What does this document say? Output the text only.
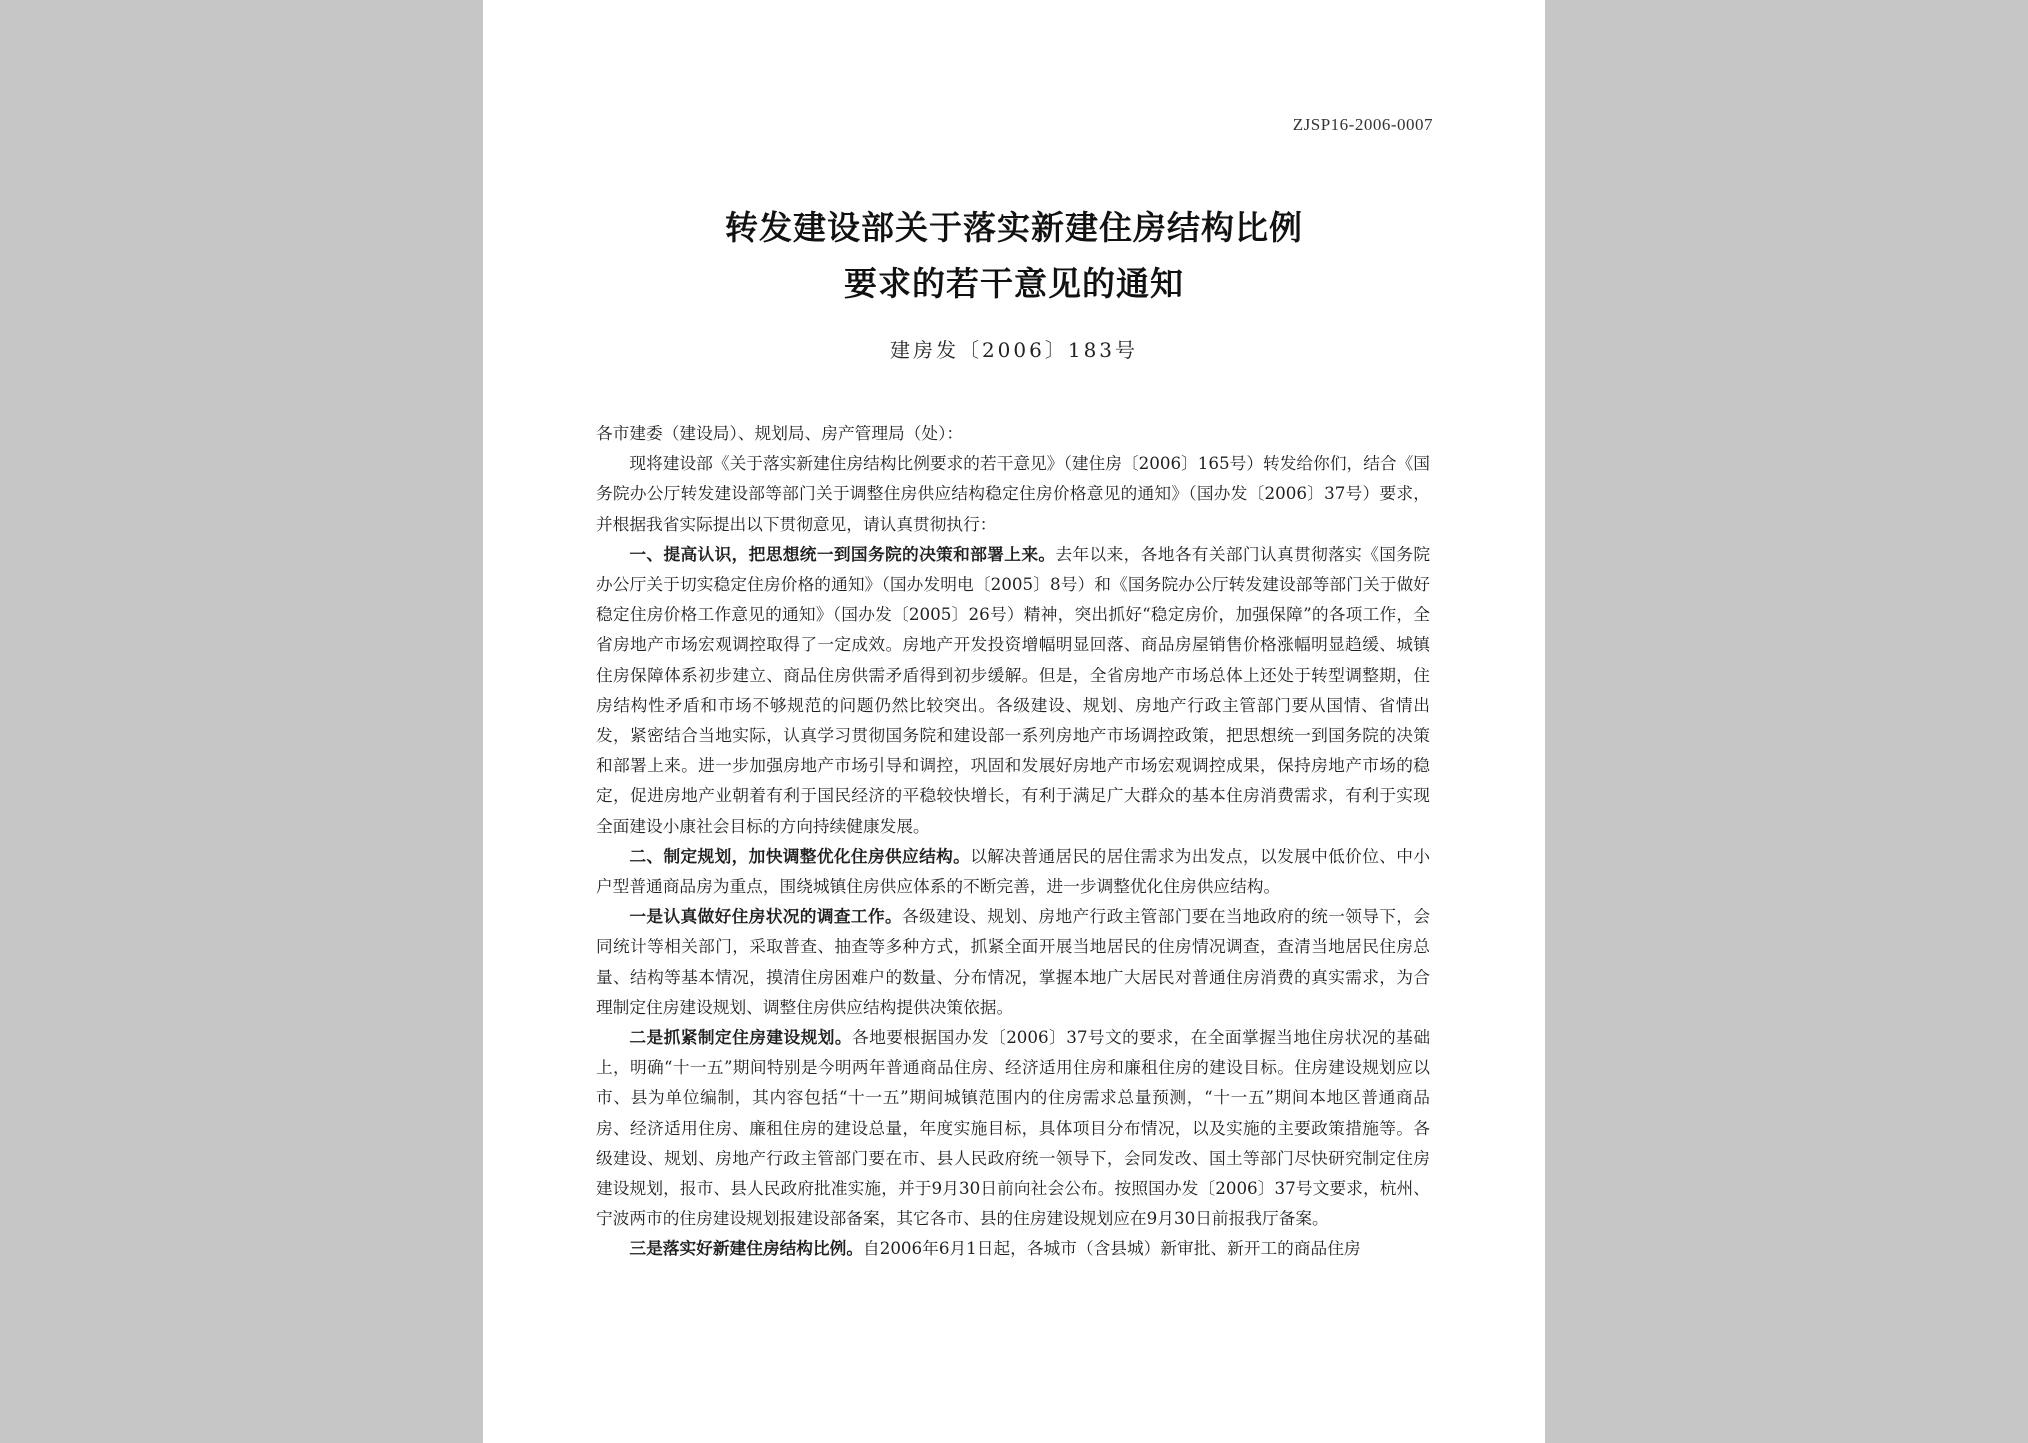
ZJSP16-2006-0007
转发建设部关于落实新建住房结构比例
要求的若干意见的通知
建房发〔2006〕183号

各市建委（建设局）、规划局、房产管理局（处）：

现将建设部《关于落实新建住房结构比例要求的若干意见》（建住房〔2006〕165号）转发给你们，结合《国务院办公厅转发建设部等部门关于调整住房供应结构稳定住房价格意见的通知》（国办发〔2006〕37号）要求，并根据我省实际提出以下贯彻意见，请认真贯彻执行：

一、提高认识，把思想统一到国务院的决策和部署上来。去年以来，各地各有关部门认真贯彻落实《国务院办公厅关于切实稳定住房价格的通知》（国办发明电〔2005〕8号）和《国务院办公厅转发建设部等部门关于做好稳定住房价格工作意见的通知》（国办发〔2005〕26号）精神，突出抓好“稳定房价，加强保障”的各项工作，全省房地产市场宏观调控取得了一定成效。房地产开发投资增幅明显回落、商品房屋销售价格涨幅明显趋缓、城镇住房保障体系初步建立、商品住房供需矛盾得到初步缓解。但是，全省房地产市场总体上还处于转型调整期，住房结构性矛盾和市场不够规范的问题仍然比较突出。各级建设、规划、房地产行政主管部门要从国情、省情出发，紧密结合当地实际，认真学习贯彻国务院和建设部一系列房地产市场调控政策，把思想统一到国务院的决策和部署上来。进一步加强房地产市场引导和调控，巩固和发展好房地产市场宏观调控成果，保持房地产市场的稳定，促进房地产业朝着有利于国民经济的平稳较快增长，有利于满足广大群众的基本住房消费需求，有利于实现全面建设小康社会目标的方向持续健康发展。

二、制定规划，加快调整优化住房供应结构。以解决普通居民的居住需求为出发点，以发展中低价位、中小户型普通商品房为重点，围绕城镇住房供应体系的不断完善，进一步调整优化住房供应结构。

一是认真做好住房状况的调查工作。各级建设、规划、房地产行政主管部门要在当地政府的统一领导下，会同统计等相关部门，采取普查、抽查等多种方式，抓紧全面开展当地居民的住房情况调查，查清当地居民住房总量、结构等基本情况，摸清住房困难户的数量、分布情况，掌握本地广大居民对普通住房消费的真实需求，为合理制定住房建设规划、调整住房供应结构提供决策依据。

二是抓紧制定住房建设规划。各地要根据国办发〔2006〕37号文的要求，在全面掌握当地住房状况的基础上，明确“十一五”期间特别是今明两年普通商品住房、经济适用住房和廉租住房的建设目标。住房建设规划应以市、县为单位编制，其内容包括“十一五”期间城镇范围内的住房需求总量预测，“十一五”期间本地区普通商品房、经济适用住房、廉租住房的建设总量，年度实施目标，具体项目分布情况，以及实施的主要政策措施等。各级建设、规划、房地产行政主管部门要在市、县人民政府统一领导下，会同发改、国土等部门尽快研究制定住房建设规划，报市、县人民政府批准实施，并于9月30日前向社会公布。按照国办发〔2006〕37号文要求，杭州、宁波两市的住房建设规划报建设部备案，其它各市、县的住房建设规划应在9月30日前报我厅备案。

三是落实好新建住房结构比例。自2006年6月1日起，各城市（含县城）新审批、新开工的商品住房
